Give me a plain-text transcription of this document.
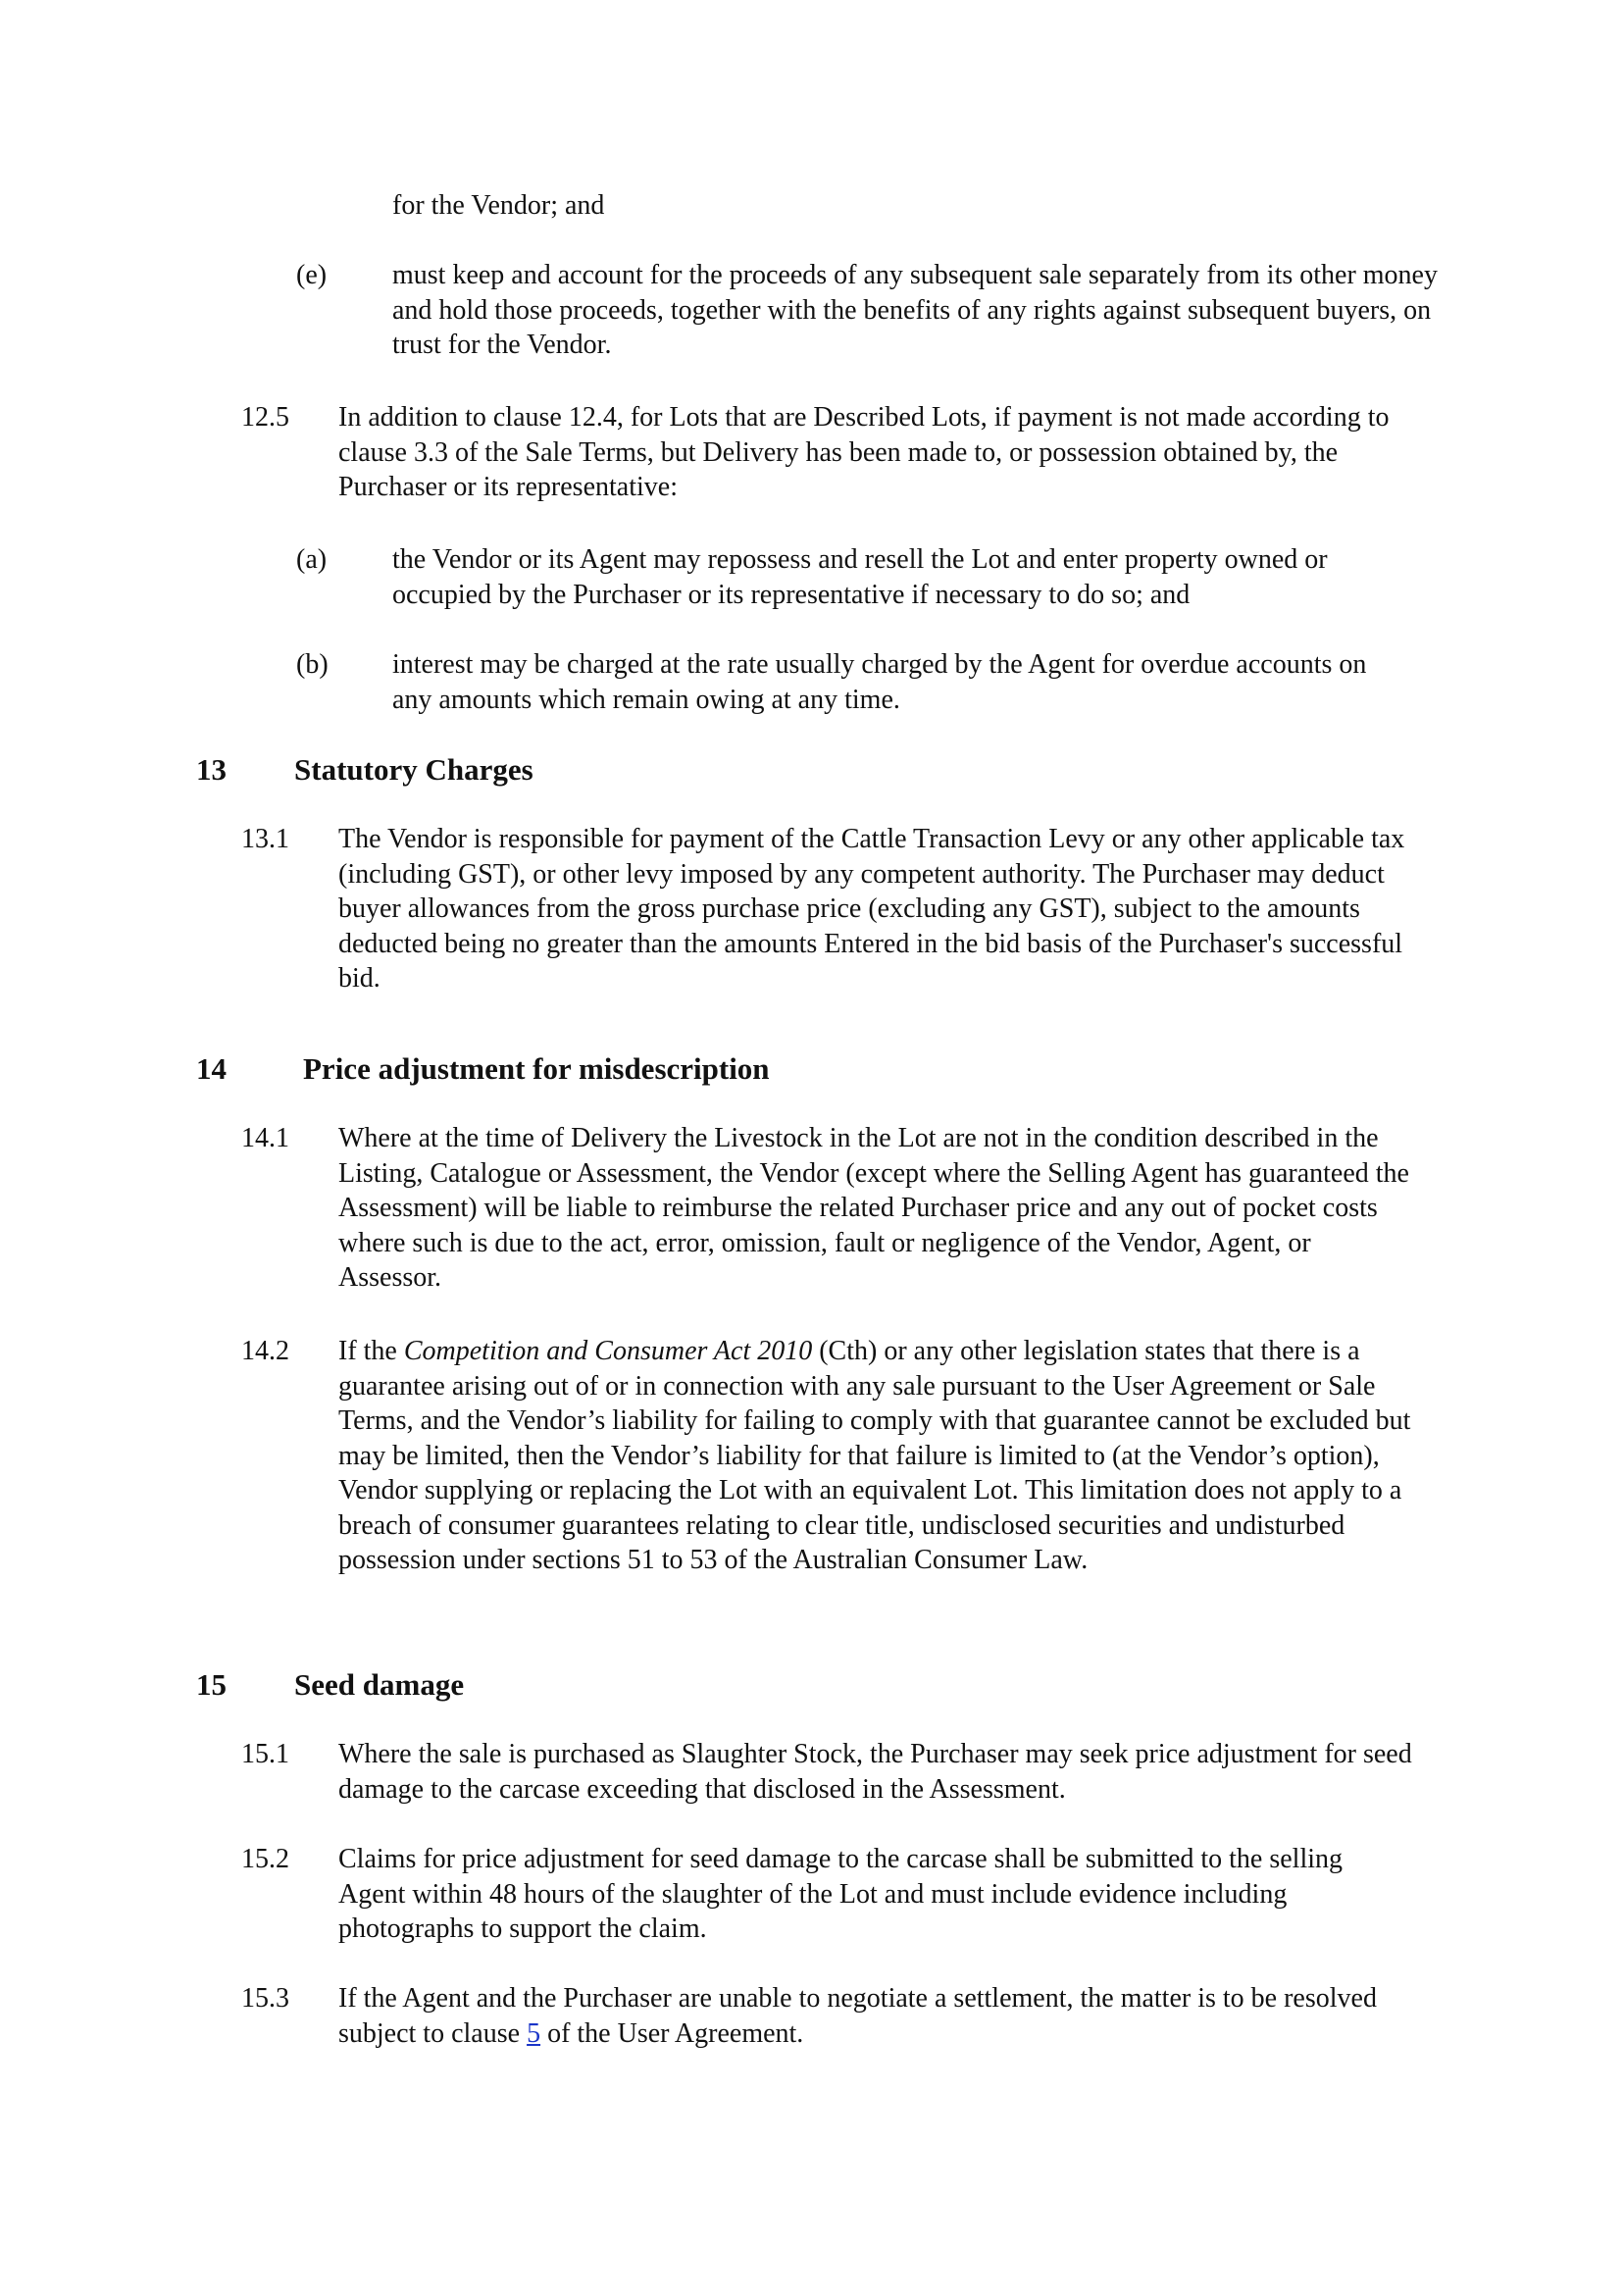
for the Vendor; and
(e) must keep and account for the proceeds of any subsequent sale separately from its other money and hold those proceeds, together with the benefits of any rights against subsequent buyers, on trust for the Vendor.
12.5 In addition to clause 12.4, for Lots that are Described Lots, if payment is not made according to clause 3.3 of the Sale Terms, but Delivery has been made to, or possession obtained by, the Purchaser or its representative:
(a) the Vendor or its Agent may repossess and resell the Lot and enter property owned or occupied by the Purchaser or its representative if necessary to do so; and
(b) interest may be charged at the rate usually charged by the Agent for overdue accounts on any amounts which remain owing at any time.
13 Statutory Charges
13.1 The Vendor is responsible for payment of the Cattle Transaction Levy or any other applicable tax (including GST), or other levy imposed by any competent authority. The Purchaser may deduct buyer allowances from the gross purchase price (excluding any GST), subject to the amounts deducted being no greater than the amounts Entered in the bid basis of the Purchaser's successful bid.
14	Price adjustment for misdescription
14.1 Where at the time of Delivery the Livestock in the Lot are not in the condition described in the Listing, Catalogue or Assessment, the Vendor (except where the Selling Agent has guaranteed the Assessment) will be liable to reimburse the related Purchaser price and any out of pocket costs where such is due to the act, error, omission, fault or negligence of the Vendor, Agent, or Assessor.
14.2 If the Competition and Consumer Act 2010 (Cth) or any other legislation states that there is a guarantee arising out of or in connection with any sale pursuant to the User Agreement or Sale Terms, and the Vendor’s liability for failing to comply with that guarantee cannot be excluded but may be limited, then the Vendor’s liability for that failure is limited to (at the Vendor’s option), Vendor supplying or replacing the Lot with an equivalent Lot. This limitation does not apply to a breach of consumer guarantees relating to clear title, undisclosed securities and undisturbed possession under sections 51 to 53 of the Australian Consumer Law.
15 Seed damage
15.1 Where the sale is purchased as Slaughter Stock, the Purchaser may seek price adjustment for seed damage to the carcase exceeding that disclosed in the Assessment.
15.2 Claims for price adjustment for seed damage to the carcase shall be submitted to the selling Agent within 48 hours of the slaughter of the Lot and must include evidence including photographs to support the claim.
15.3 If the Agent and the Purchaser are unable to negotiate a settlement, the matter is to be resolved subject to clause 5 of the User Agreement.
